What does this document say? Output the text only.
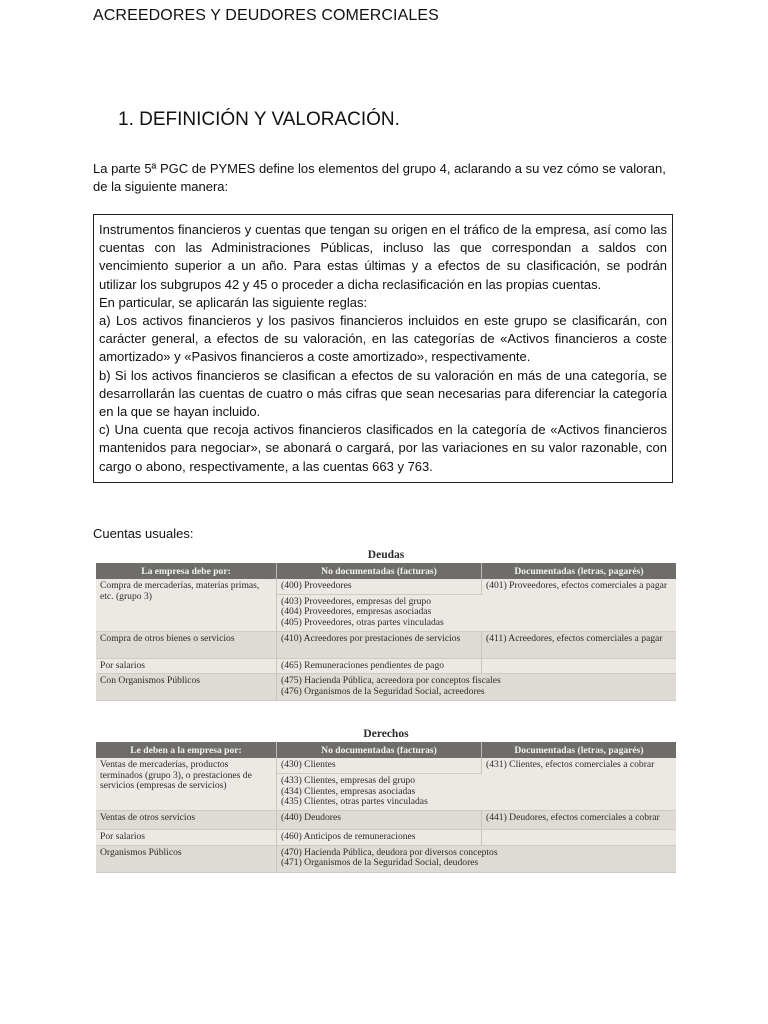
ACREEDORES Y DEUDORES COMERCIALES
1. DEFINICIÓN Y VALORACIÓN.
La parte 5ª PGC de PYMES define los elementos del grupo 4, aclarando a su vez cómo se valoran, de la siguiente manera:

Instrumentos financieros y cuentas que tengan su origen en el tráfico de la empresa, así como las cuentas con las Administraciones Públicas, incluso las que correspondan a saldos con vencimiento superior a un año. Para estas últimas y a efectos de su clasificación, se podrán utilizar los subgrupos 42 y 45 o proceder a dicha reclasificación en las propias cuentas.

En particular, se aplicarán las siguiente reglas:

a) Los activos financieros y los pasivos financieros incluidos en este grupo se clasificarán, con carácter general, a efectos de su valoración, en las categorías de «Activos financieros a coste amortizado» y «Pasivos financieros a coste amortizado», respectivamente.

b) Si los activos financieros se clasifican a efectos de su valoración en más de una categoría, se desarrollarán las cuentas de cuatro o más cifras que sean necesarias para diferenciar la categoría en la que se hayan incluido.

c) Una cuenta que recoja activos financieros clasificados en la categoría de «Activos financieros mantenidos para negociar», se abonará o cargará, por las variaciones en su valor razonable, con cargo o abono, respectivamente, a las cuentas 663 y 763.

Cuentas usuales:
Deudas
La empresa debe por:	No documentadas (facturas)	Documentadas (letras, pagarés)
Compra de mercaderías, materias primas, etc. (grupo 3)	(400) Proveedores	(401) Proveedores, efectos comerciales a pagar
	(403) Proveedores, empresas del grupo
(404) Proveedores, empresas asociadas
(405) Proveedores, otras partes vinculadas	
Compra de otros bienes o servicios	(410) Acreedores por prestaciones de servicios	(411) Acreedores, efectos comerciales a pagar
Por salarios	(465) Remuneraciones pendientes de pago	
Con Organismos Públicos	(475) Hacienda Pública, acreedora por conceptos fiscales
(476) Organismos de la Seguridad Social, acreedores	
Derechos
Le deben a la empresa por:	No documentadas (facturas)	Documentadas (letras, pagarés)
Ventas de mercaderías, productos terminados (grupo 3), o prestaciones de servicios (empresas de servicios)	(430) Clientes	(431) Clientes, efectos comerciales a cobrar
	(433) Clientes, empresas del grupo
(434) Clientes, empresas asociadas
(435) Clientes, otras partes vinculadas	
Ventas de otros servicios	(440) Deudores	(441) Deudores, efectos comerciales a cobrar
Por salarios	(460) Anticipos de remuneraciones	
Organismos Públicos	(470) Hacienda Pública, deudora por diversos conceptos
(471) Organismos de la Seguridad Social, deudores	
